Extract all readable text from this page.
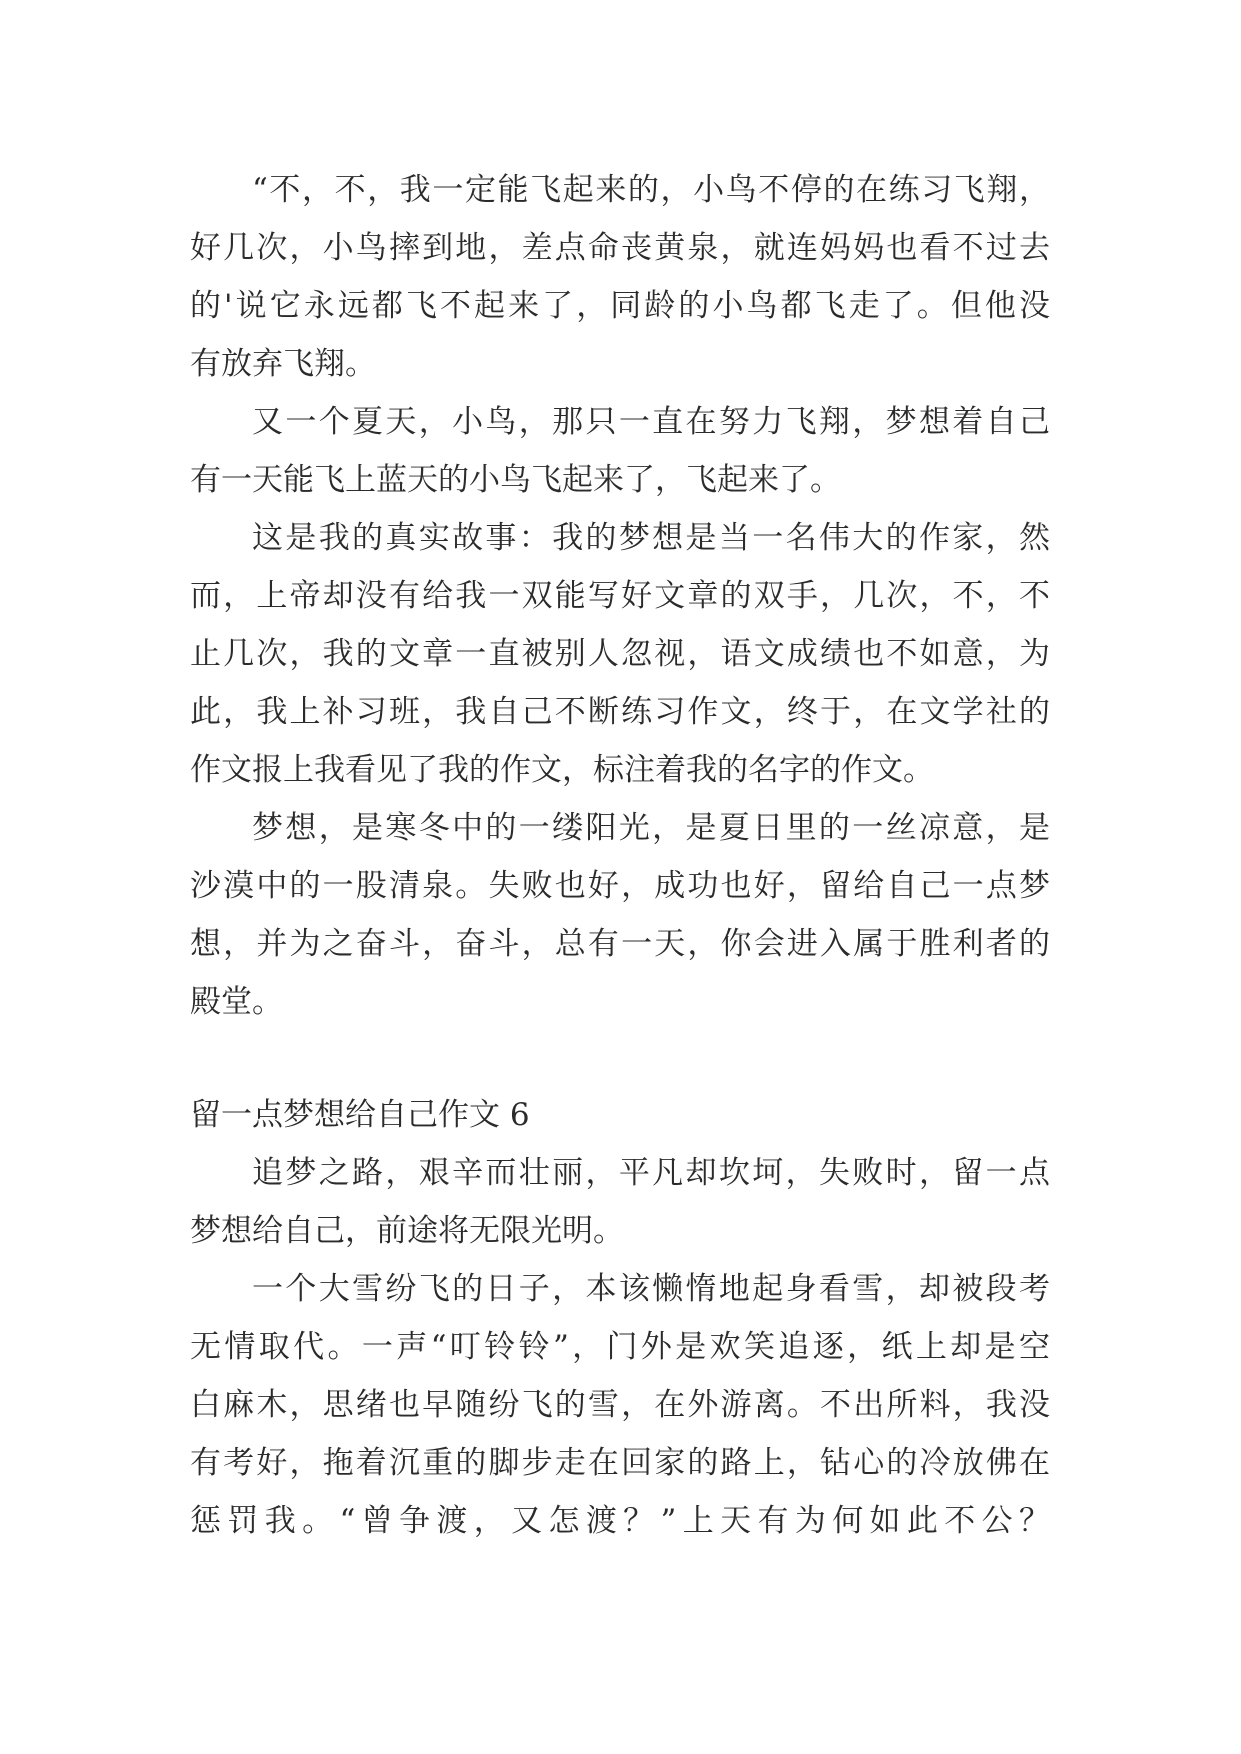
“不，不，我一定能飞起来的，小鸟不停的在练习飞翔，
好几次，小鸟摔到地，差点命丧黄泉，就连妈妈也看不过去
的'说它永远都飞不起来了，同龄的小鸟都飞走了。但他没
有放弃飞翔。
又一个夏天，小鸟，那只一直在努力飞翔，梦想着自己
有一天能飞上蓝天的小鸟飞起来了，飞起来了。
这是我的真实故事：我的梦想是当一名伟大的作家，然
而，上帝却没有给我一双能写好文章的双手，几次，不，不
止几次，我的文章一直被别人忽视，语文成绩也不如意，为
此，我上补习班，我自己不断练习作文，终于，在文学社的
作文报上我看见了我的作文，标注着我的名字的作文。
梦想，是寒冬中的一缕阳光，是夏日里的一丝凉意，是
沙漠中的一股清泉。失败也好，成功也好，留给自己一点梦
想，并为之奋斗，奋斗，总有一天，你会进入属于胜利者的
殿堂。
留一点梦想给自己作文 6
追梦之路，艰辛而壮丽，平凡却坎坷，失败时，留一点
梦想给自己，前途将无限光明。
一个大雪纷飞的日子，本该懒惰地起身看雪，却被段考
无情取代。一声“叮铃铃”，门外是欢笑追逐，纸上却是空
白麻木，思绪也早随纷飞的雪，在外游离。不出所料，我没
有考好，拖着沉重的脚步走在回家的路上，钻心的冷放佛在
惩罚我。“曾争渡，又怎渡？”上天有为何如此不公？
